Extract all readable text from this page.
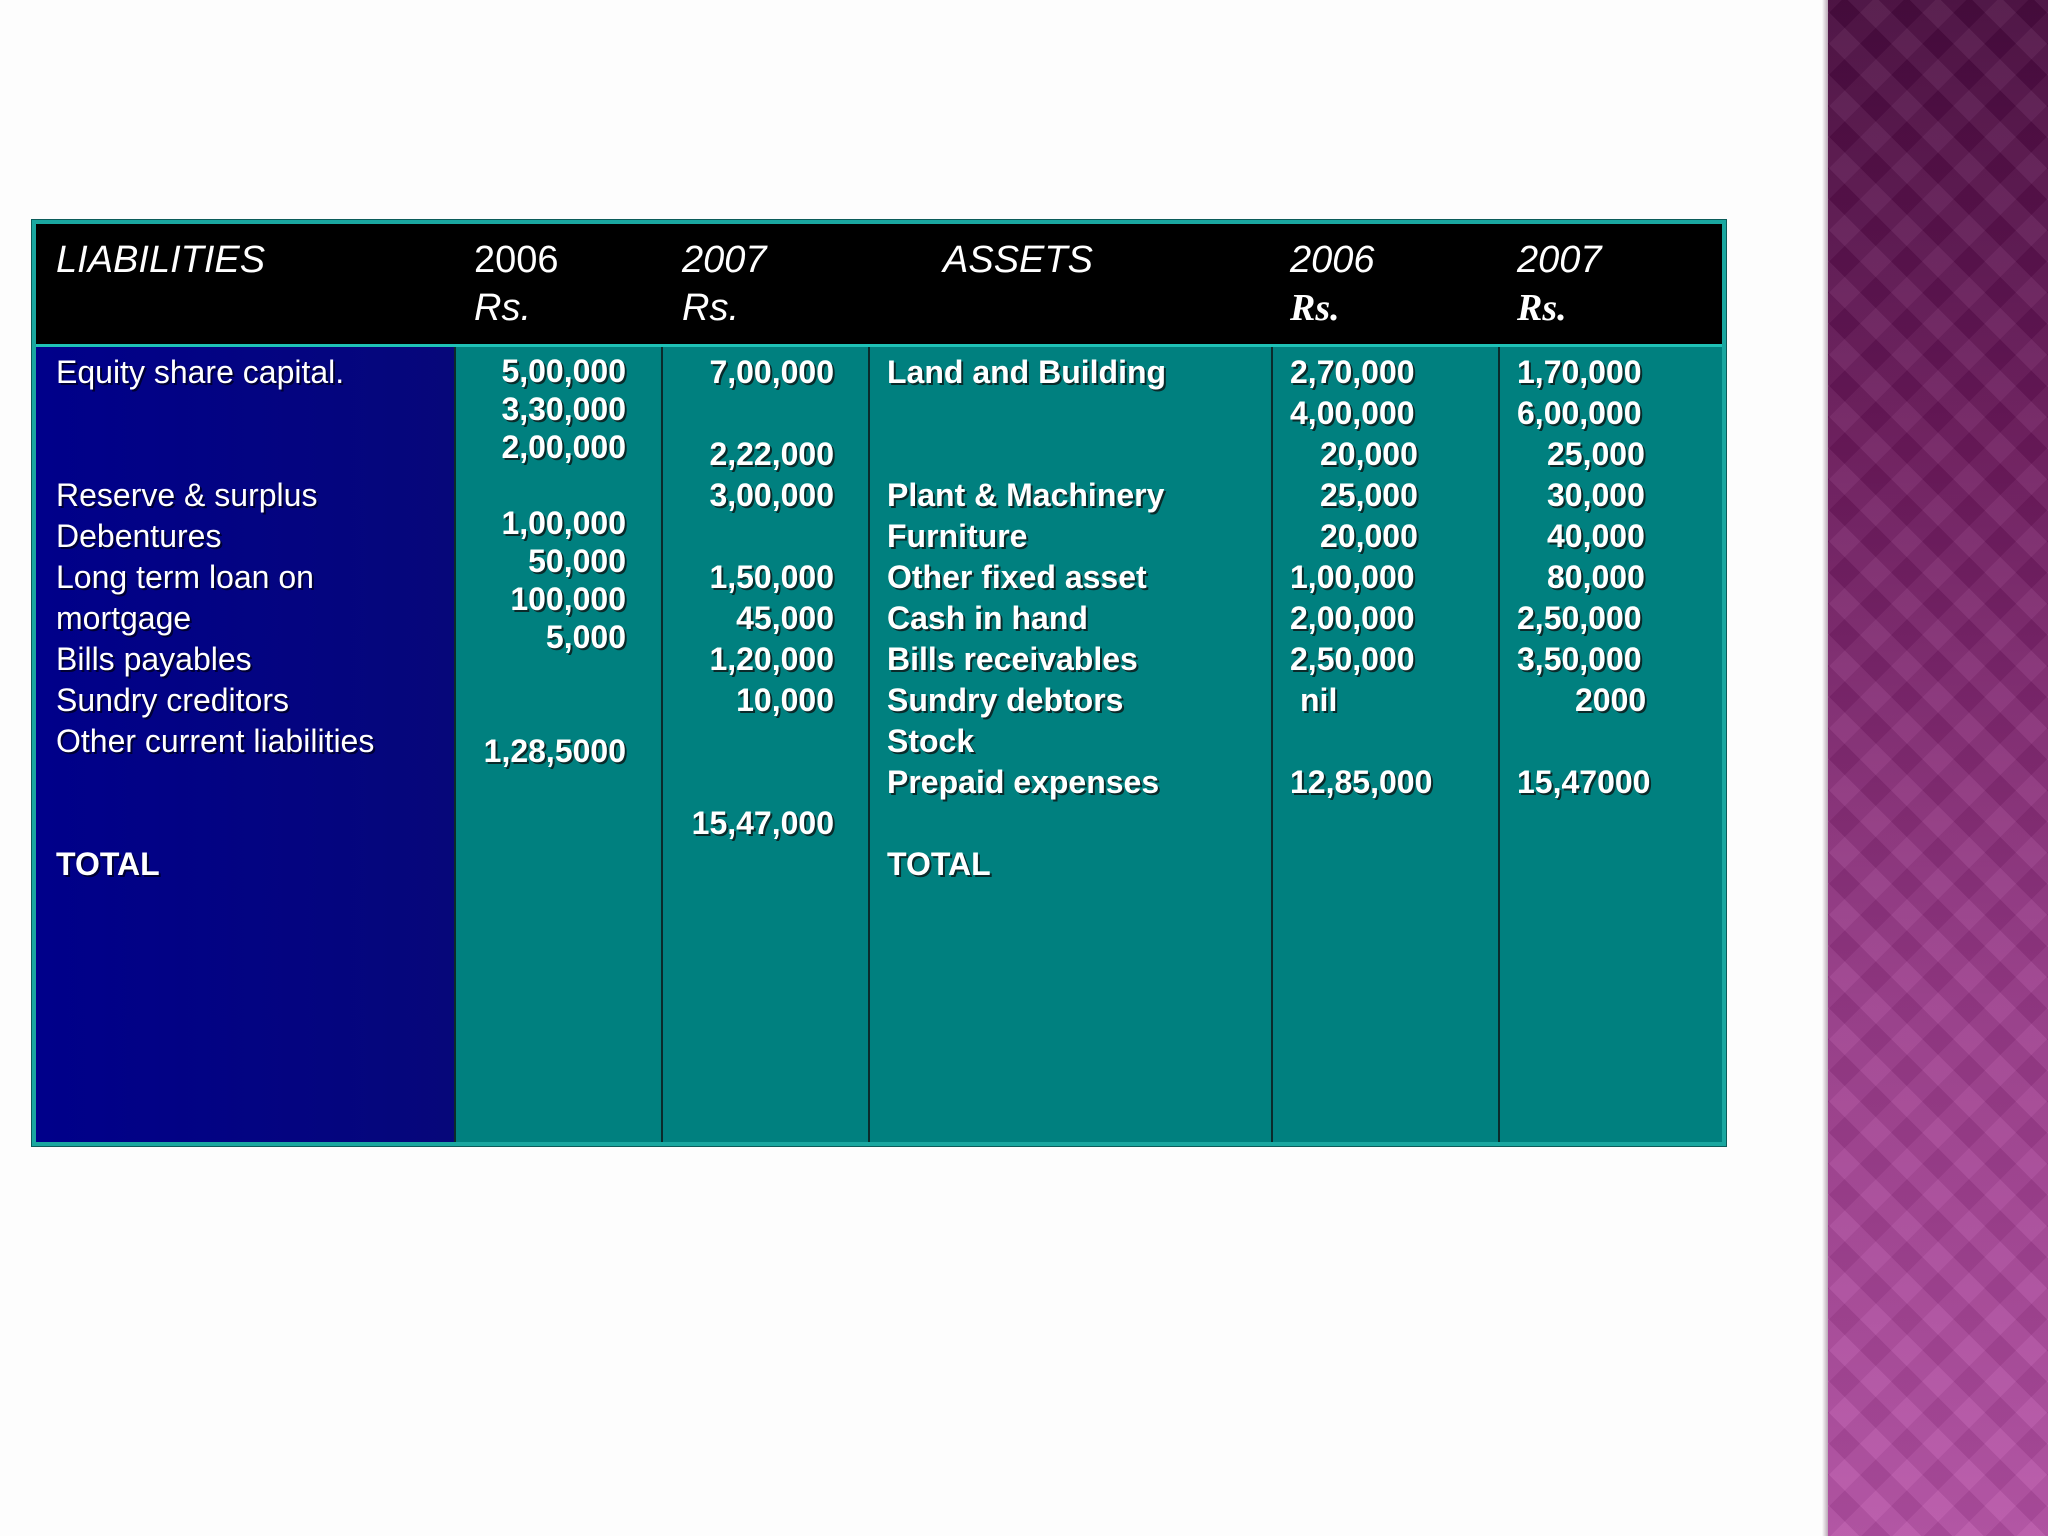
LIABILITIES	2006
Rs.
2007
Rs.
ASSETS	2006
Rs.
2007
Rs.
Equity share capital.
Reserve & surplus
Debentures
Long term loan on
mortgage
Bills payables
Sundry creditors
Other current liabilities
TOTAL
5,00,000
3,30,000
2,00,000
1,00,000
50,000
100,000
5,000
1,28,5000
7,00,000
2,22,000
3,00,000
1,50,000
45,000
1,20,000
10,000
15,47,000
Land and Building
Plant & Machinery
Furniture
Other fixed asset
Cash in hand
Bills receivables
Sundry debtors
Stock
Prepaid expenses
TOTAL
2,70,000
4,00,000
20,000
25,000
20,000
1,00,000
2,00,000
2,50,000
nil
12,85,000
1,70,000
6,00,000
25,000
30,000
40,000
80,000
2,50,000
3,50,000
2000
15,47000
